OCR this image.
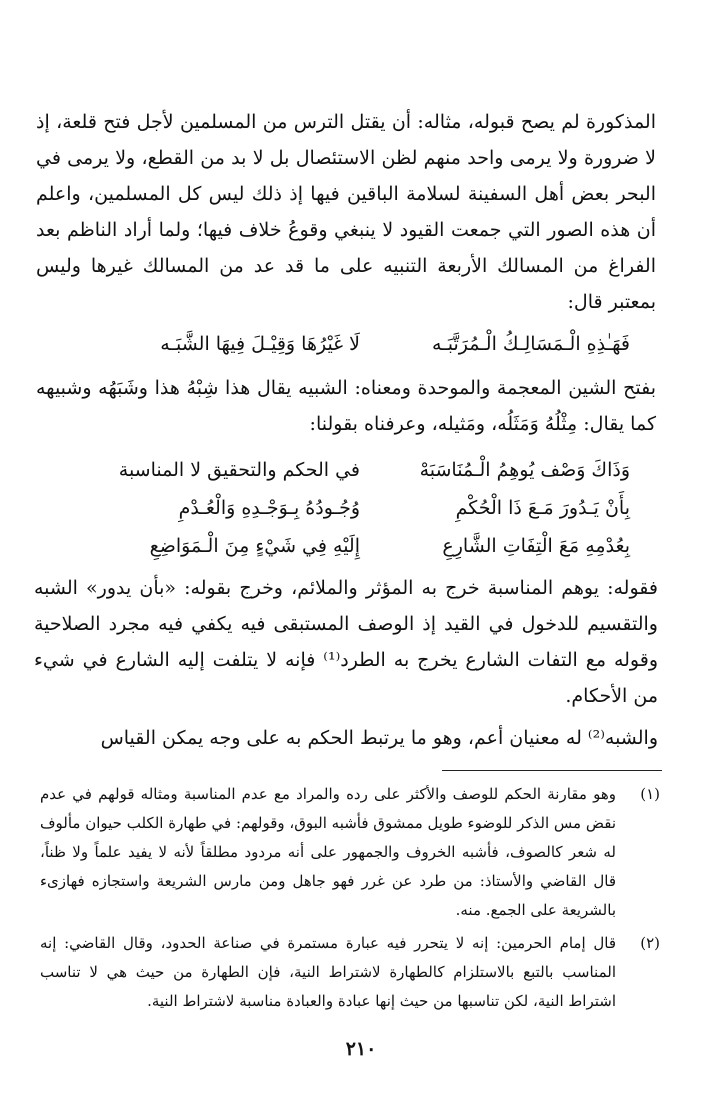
المذكورة لم يصح قبوله، مثاله: أن يقتل الترس من المسلمين لأجل فتح قلعة، إذ لا ضرورة ولا يرمى واحد منهم لظن الاستئصال بل لا بد من القطع، ولا يرمى في البحر بعض أهل السفينة لسلامة الباقين فيها إذ ذلك ليس كل المسلمين، واعلم أن هذه الصور التي جمعت القيود لا ينبغي وقوعُ خلاف فيها؛ ولما أراد الناظم بعد الفراغ من المسالك الأربعة التنبيه على ما قد عد من المسالك غيرها وليس بمعتبر قال:

فَهَـٰذِهِ الْـمَسَالِـكُ الْـمُرَتَّبَـه
لَا غَيْرُهَا وَقِيْـلَ فِيهَا الشَّبَـه

بفتح الشين المعجمة والموحدة ومعناه: الشبيه يقال هذا شِبْهُ هذا وشَبَهُه وشبيهه كما يقال: مِثْلُهُ وَمَثَلُه، ومَثيله، وعرفناه بقولنا:

وَذَاكَ وَصْف يُوهِمُ الْـمُنَاسَبَهْ
في الحكم والتحقيق لا المناسبة
بِأَنْ يَـدُورَ مَـعَ ذَا الْحُكْمِ
وُجُـودُهُ بِـوَجْـدِهِ وَالْعُـدْمِ
بِعُدْمِهِ مَعَ الْتِفَاتِ الشَّارِعِ
إِلَيْهِ فِي شَيْءٍ مِنَ الْـمَوَاضِعِ

فقوله: يوهم المناسبة خرج به المؤثر والملائم، وخرج بقوله: «بأن يدور» الشبه والتقسيم للدخول في القيد إذ الوصف المستبقى فيه يكفي فيه مجرد الصلاحية وقوله مع التفات الشارع يخرج به الطرد⁽¹⁾ فإنه لا يتلفت إليه الشارع في شيء من الأحكام.

والشبه⁽²⁾ له معنيان أعم، وهو ما يرتبط الحكم به على وجه يمكن القياس

(١)
وهو مقارنة الحكم للوصف والأكثر على رده والمراد مع عدم المناسبة ومثاله قولهم في عدم نقض مس الذكر للوضوء طويل ممشوق فأشبه البوق، وقولهم: في طهارة الكلب حيوان مألوف له شعر كالصوف، فأشبه الخروف والجمهور على أنه مردود مطلقاً لأنه لا يفيد علماً ولا ظناً، قال القاضي والأستاذ: من طرد عن غرر فهو جاهل ومن مارس الشريعة واستجازه فهازىء بالشريعة على الجمع. منه.
(٢)
قال إمام الحرمين: إنه لا يتحرر فيه عبارة مستمرة في صناعة الحدود، وقال القاضي: إنه المناسب بالتبع بالاستلزام كالطهارة لاشتراط النية، فإن الطهارة من حيث هي لا تناسب اشتراط النية، لكن تناسبها من حيث إنها عبادة والعبادة مناسبة لاشتراط النية.
٢١٠
